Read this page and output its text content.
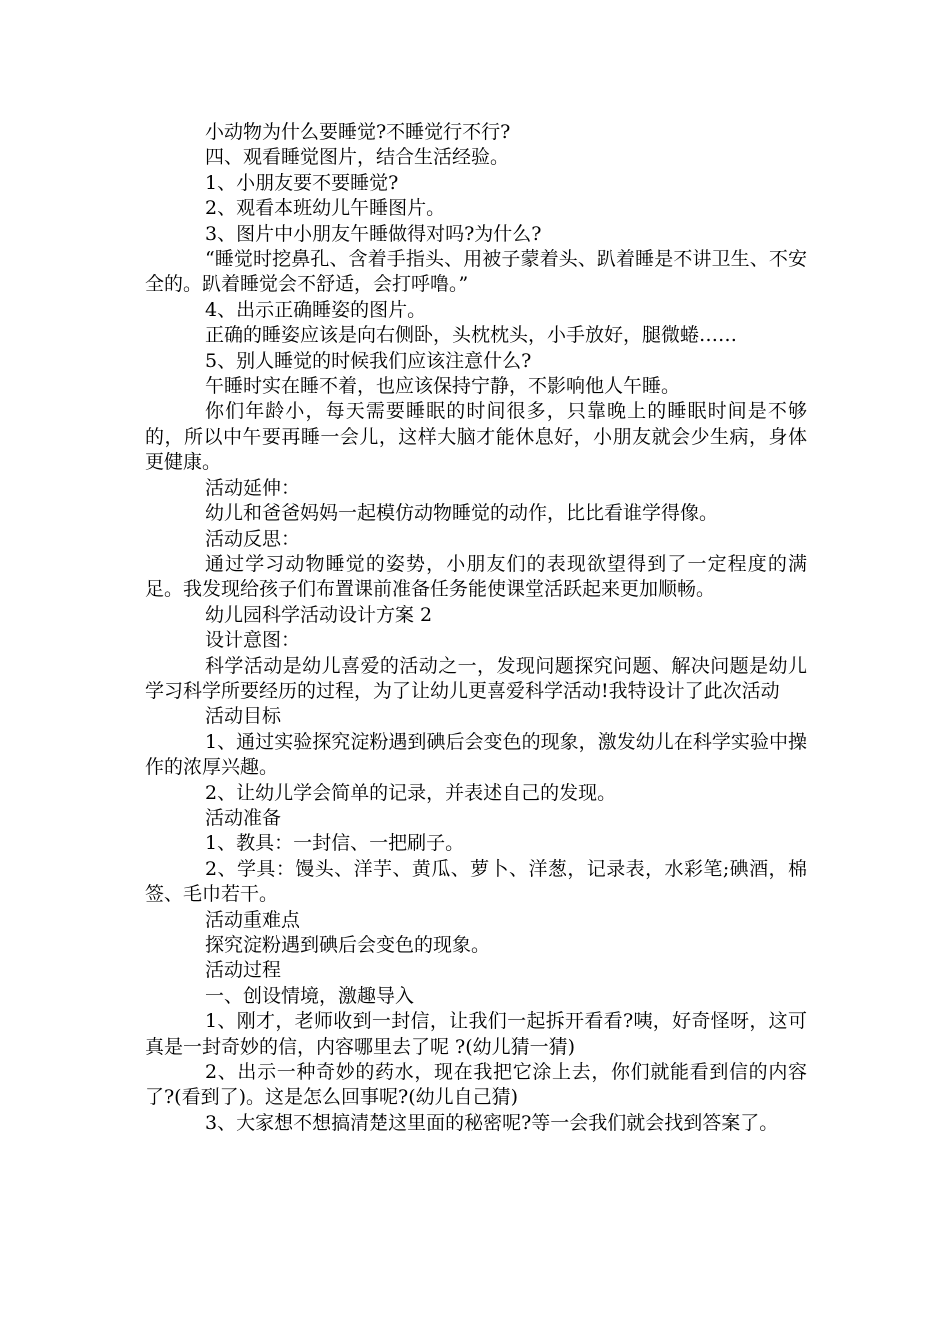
小动物为什么要睡觉?不睡觉行不行?

四、观看睡觉图片，结合生活经验。

1、小朋友要不要睡觉?

2、观看本班幼儿午睡图片。

3、图片中小朋友午睡做得对吗?为什么?

“睡觉时挖鼻孔、含着手指头、用被子蒙着头、趴着睡是不讲卫生、不安全的。趴着睡觉会不舒适，会打呼噜。”

4、出示正确睡姿的图片。

正确的睡姿应该是向右侧卧，头枕枕头，小手放好，腿微蜷……

5、别人睡觉的时候我们应该注意什么?

午睡时实在睡不着，也应该保持宁静，不影响他人午睡。

你们年龄小，每天需要睡眠的时间很多，只靠晚上的睡眠时间是不够的，所以中午要再睡一会儿，这样大脑才能休息好，小朋友就会少生病，身体更健康。

活动延伸：

幼儿和爸爸妈妈一起模仿动物睡觉的动作，比比看谁学得像。

活动反思：

通过学习动物睡觉的姿势，小朋友们的表现欲望得到了一定程度的满足。我发现给孩子们布置课前准备任务能使课堂活跃起来更加顺畅。

幼儿园科学活动设计方案 2

设计意图：

科学活动是幼儿喜爱的活动之一，发现问题探究问题、解决问题是幼儿学习科学所要经历的过程，为了让幼儿更喜爱科学活动!我特设计了此次活动

活动目标

1、通过实验探究淀粉遇到碘后会变色的现象，激发幼儿在科学实验中操作的浓厚兴趣。

2、让幼儿学会简单的记录，并表述自己的发现。

活动准备

1、教具：一封信、一把刷子。

2、学具：馒头、洋芋、黄瓜、萝卜、洋葱，记录表，水彩笔;碘酒，棉签、毛巾若干。

活动重难点

探究淀粉遇到碘后会变色的现象。

活动过程

一、创设情境，激趣导入

1、刚才，老师收到一封信，让我们一起拆开看看?咦，好奇怪呀，这可真是一封奇妙的信，内容哪里去了呢 ?(幼儿猜一猜)

2、出示一种奇妙的药水，现在我把它涂上去，你们就能看到信的内容了?(看到了)。这是怎么回事呢?(幼儿自己猜)

3、大家想不想搞清楚这里面的秘密呢?等一会我们就会找到答案了。
